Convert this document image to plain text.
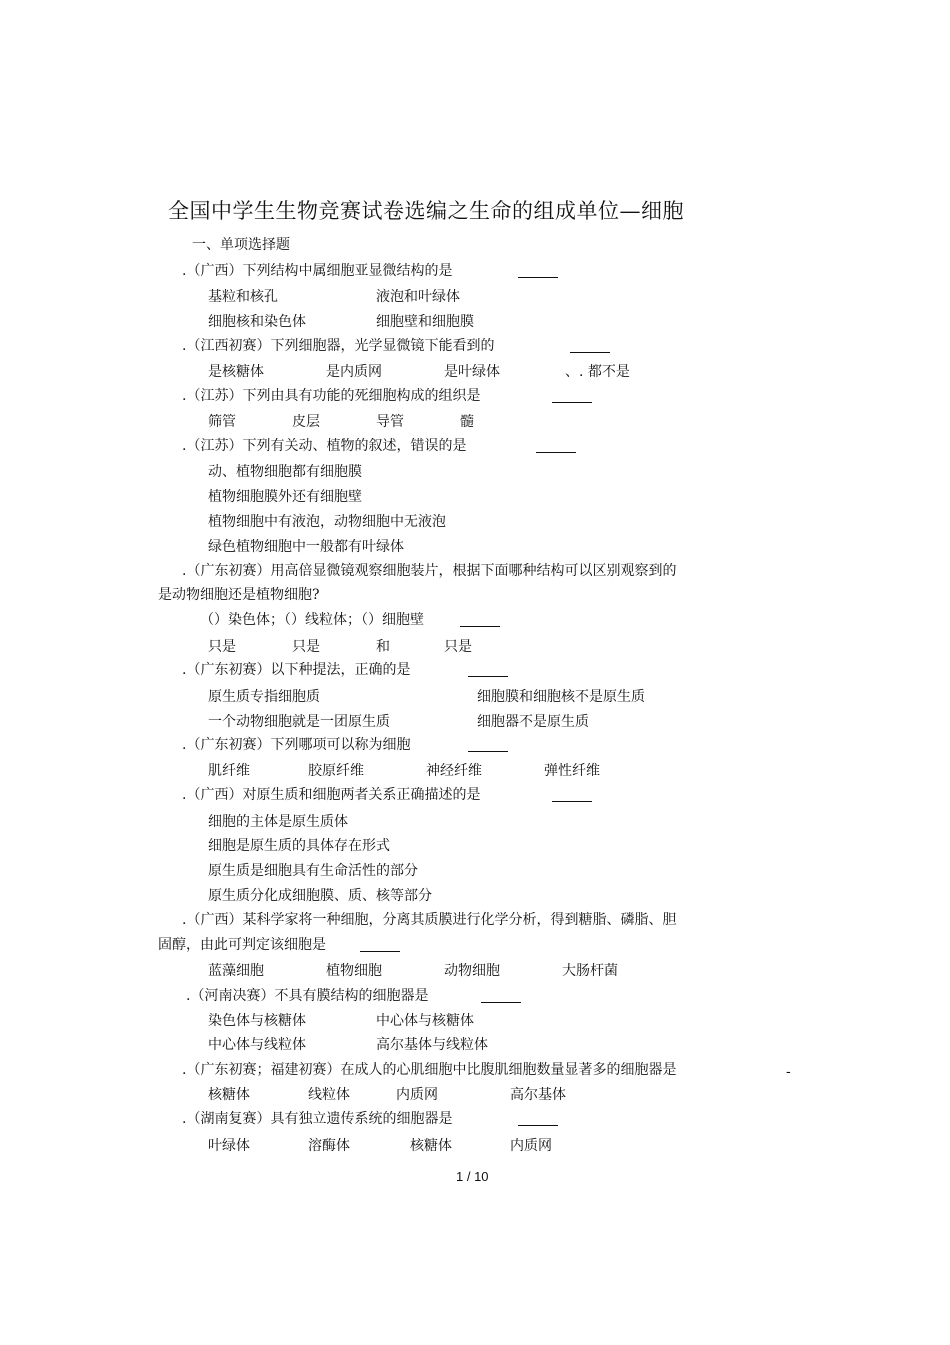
全国中学生生物竞赛试卷选编之生命的组成单位—细胞
一、单项选择题
.（广西）下列结构中属细胞亚显微结构的是
基粒和核孔	液泡和叶绿体
细胞核和染色体	细胞壁和细胞膜
.（江西初赛）下列细胞器，光学显微镜下能看到的
是核糖体	是内质网	是叶绿体	、. 都不是
.（江苏）下列由具有功能的死细胞构成的组织是
筛管	皮层	导管	髓
.（江苏）下列有关动、植物的叙述，错误的是
动、植物细胞都有细胞膜
植物细胞膜外还有细胞壁
植物细胞中有液泡，动物细胞中无液泡
绿色植物细胞中一般都有叶绿体
.（广东初赛）用高倍显微镜观察细胞装片，根据下面哪种结构可以区别观察到的
是动物细胞还是植物细胞?
（）染色体；（）线粒体；（）细胞壁
只是	只是	和	只是
.（广东初赛）以下种提法，正确的是
原生质专指细胞质	细胞膜和细胞核不是原生质
一个动物细胞就是一团原生质	细胞器不是原生质
.（广东初赛）下列哪项可以称为细胞
肌纤维	胶原纤维	神经纤维	弹性纤维
.（广西）对原生质和细胞两者关系正确描述的是
细胞的主体是原生质体
细胞是原生质的具体存在形式
原生质是细胞具有生命活性的部分
原生质分化成细胞膜、质、核等部分
.（广西）某科学家将一种细胞，分离其质膜进行化学分析，得到糖脂、磷脂、胆
固醇，由此可判定该细胞是
蓝藻细胞	植物细胞	动物细胞	大肠杆菌
.（河南决赛）不具有膜结构的细胞器是
染色体与核糖体	中心体与核糖体
中心体与线粒体	高尔基体与线粒体
.（广东初赛；福建初赛）在成人的心肌细胞中比腹肌细胞数量显著多的细胞器是	-
核糖体	线粒体	内质网	高尔基体
.（湖南复赛）具有独立遗传系统的细胞器是
叶绿体	溶酶体	核糖体	内质网
1 / 10
